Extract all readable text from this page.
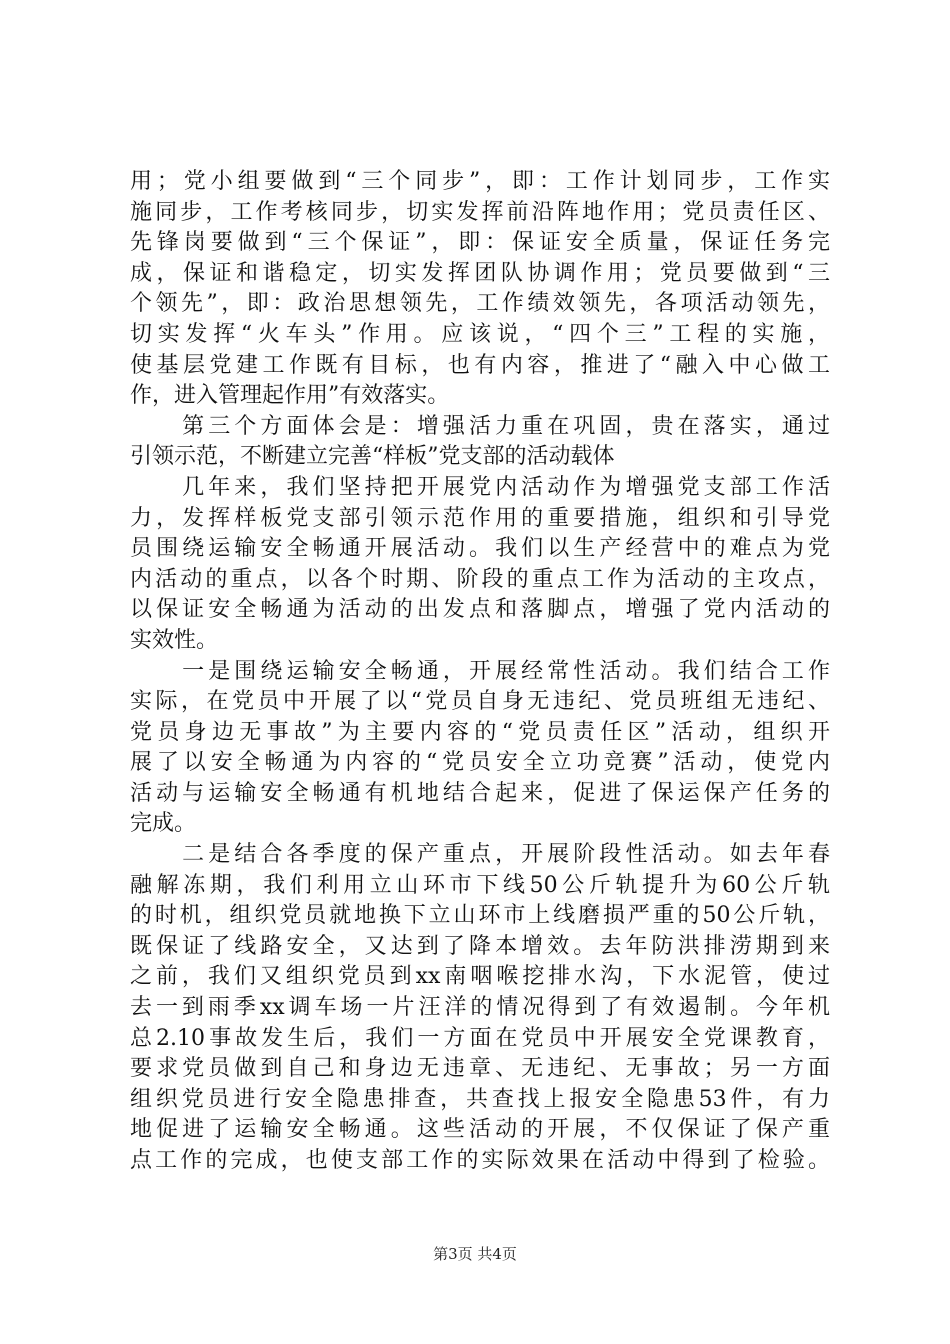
用；党小组要做到“三个同步”，即：工作计划同步，工作实
施同步，工作考核同步，切实发挥前沿阵地作用；党员责任区、
先锋岗要做到“三个保证”，即：保证安全质量，保证任务完
成，保证和谐稳定，切实发挥团队协调作用；党员要做到“三
个领先”，即：政治思想领先，工作绩效领先，各项活动领先，
切实发挥“火车头”作用。应该说，“四个三”工程的实施，
使基层党建工作既有目标，也有内容，推进了“融入中心做工
作，进入管理起作用”有效落实。
　　第三个方面体会是：增强活力重在巩固，贵在落实，通过
引领示范，不断建立完善“样板”党支部的活动载体
　　几年来，我们坚持把开展党内活动作为增强党支部工作活
力，发挥样板党支部引领示范作用的重要措施，组织和引导党
员围绕运输安全畅通开展活动。我们以生产经营中的难点为党
内活动的重点，以各个时期、阶段的重点工作为活动的主攻点，
以保证安全畅通为活动的出发点和落脚点，增强了党内活动的
实效性。
　　一是围绕运输安全畅通，开展经常性活动。我们结合工作
实际，在党员中开展了以“党员自身无违纪、党员班组无违纪、
党员身边无事故”为主要内容的“党员责任区”活动，组织开
展了以安全畅通为内容的“党员安全立功竞赛”活动，使党内
活动与运输安全畅通有机地结合起来，促进了保运保产任务的
完成。
　　二是结合各季度的保产重点，开展阶段性活动。如去年春
融解冻期，我们利用立山环市下线50公斤轨提升为60公斤轨
的时机，组织党员就地换下立山环市上线磨损严重的50公斤轨，
既保证了线路安全，又达到了降本增效。去年防洪排涝期到来
之前，我们又组织党员到xx南咽喉挖排水沟，下水泥管，使过
去一到雨季xx调车场一片汪洋的情况得到了有效遏制。今年机
总2.10事故发生后，我们一方面在党员中开展安全党课教育，
要求党员做到自己和身边无违章、无违纪、无事故；另一方面
组织党员进行安全隐患排查，共查找上报安全隐患53件，有力
地促进了运输安全畅通。这些活动的开展，不仅保证了保产重
点工作的完成，也使支部工作的实际效果在活动中得到了检验。
第3页 共4页
